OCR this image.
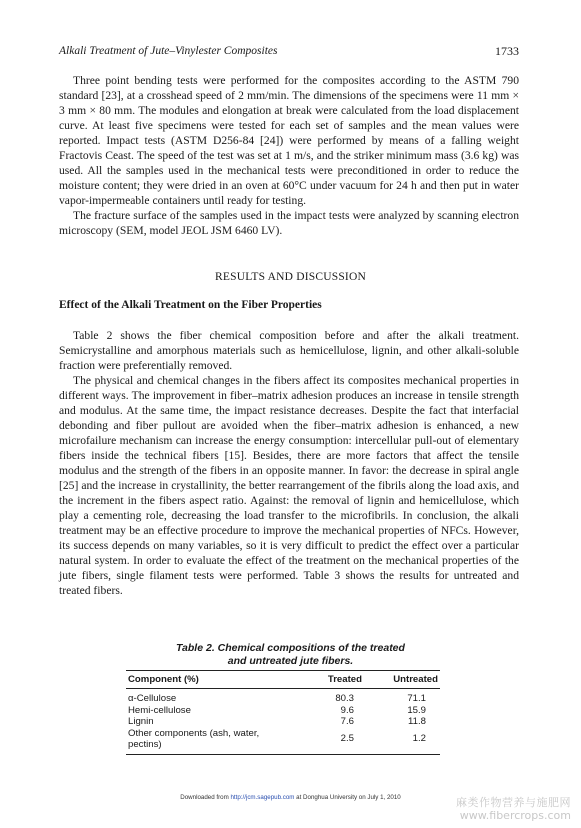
Alkali Treatment of Jute–Vinylester Composites	1733

Three point bending tests were performed for the composites according to the ASTM 790 standard [23], at a crosshead speed of 2 mm/min. The dimensions of the specimens were 11 mm × 3 mm × 80 mm. The modules and elongation at break were calculated from the load displacement curve. At least five specimens were tested for each set of samples and the mean values were reported. Impact tests (ASTM D256-84 [24]) were performed by means of a falling weight Fractovis Ceast. The speed of the test was set at 1 m/s, and the striker minimum mass (3.6 kg) was used. All the samples used in the mechanical tests were preconditioned in order to reduce the moisture content; they were dried in an oven at 60°C under vacuum for 24 h and then put in water vapor-impermeable containers until ready for testing.

The fracture surface of the samples used in the impact tests were analyzed by scanning electron microscopy (SEM, model JEOL JSM 6460 LV).

RESULTS AND DISCUSSION
Effect of the Alkali Treatment on the Fiber Properties

Table 2 shows the fiber chemical composition before and after the alkali treatment. Semicrystalline and amorphous materials such as hemicellulose, lignin, and other alkali-soluble fraction were preferentially removed.

The physical and chemical changes in the fibers affect its composites mechanical properties in different ways. The improvement in fiber–matrix adhesion produces an increase in tensile strength and modulus. At the same time, the impact resistance decreases. Despite the fact that interfacial debonding and fiber pullout are avoided when the fiber–matrix adhesion is enhanced, a new microfailure mechanism can increase the energy consumption: intercellular pull-out of elementary fibers inside the technical fibers [15]. Besides, there are more factors that affect the tensile modulus and the strength of the fibers in an opposite manner. In favor: the decrease in spiral angle [25] and the increase in crystallinity, the better rearrangement of the fibrils along the load axis, and the increment in the fibers aspect ratio. Against: the removal of lignin and hemicellulose, which play a cementing role, decreasing the load transfer to the microfibrils. In conclusion, the alkali treatment may be an effective procedure to improve the mechanical properties of NFCs. However, its success depends on many variables, so it is very difficult to predict the effect over a particular natural system. In order to evaluate the effect of the treatment on the mechanical properties of the jute fibers, single filament tests were performed. Table 3 shows the results for untreated and treated fibers.

Table 2. Chemical compositions of the treated
and untreated jute fibers.
Component (%)	Treated	Untreated
α-Cellulose	80.3	71.1
Hemi-cellulose	9.6	15.9
Lignin	7.6	11.8
Other components (ash, water, pectins)	2.5	1.2
Downloaded from http://jcm.sagepub.com at Donghua University on July 1, 2010	麻类作物营养与施肥网
www.fibercrops.com
